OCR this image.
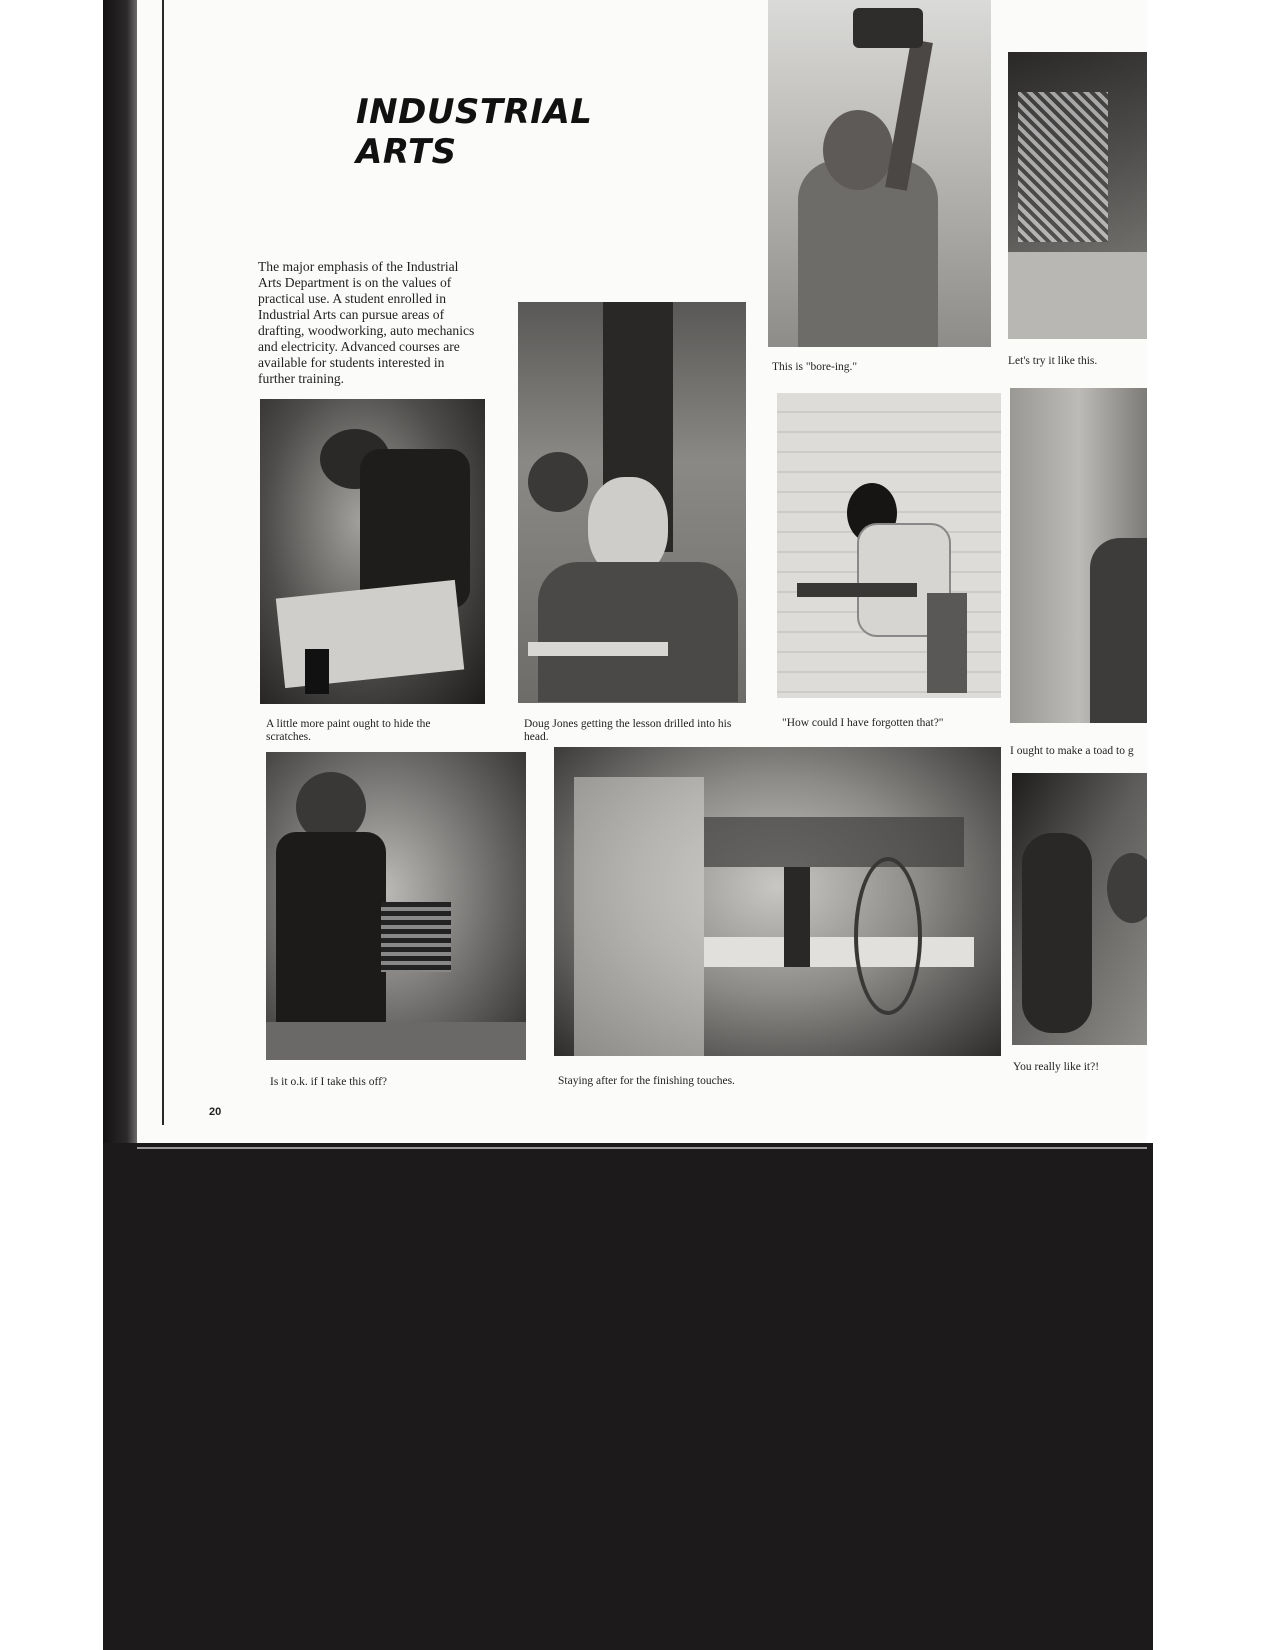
INDUSTRIAL ARTS
The major emphasis of the Industrial Arts Department is on the values of practical use. A student enrolled in Industrial Arts can pursue areas of drafting, woodworking, auto mechanics and electricity. Advanced courses are available for students interested in further training.
This is "bore-ing."	Let's try it like this.
A little more paint ought to hide the scratches.
Doug Jones getting the lesson drilled into his head.
"How could I have forgotten that?"
I ought to make a toad to g
Is it o.k. if I take this off?	Staying after for the finishing touches.
You really like it?!
20
